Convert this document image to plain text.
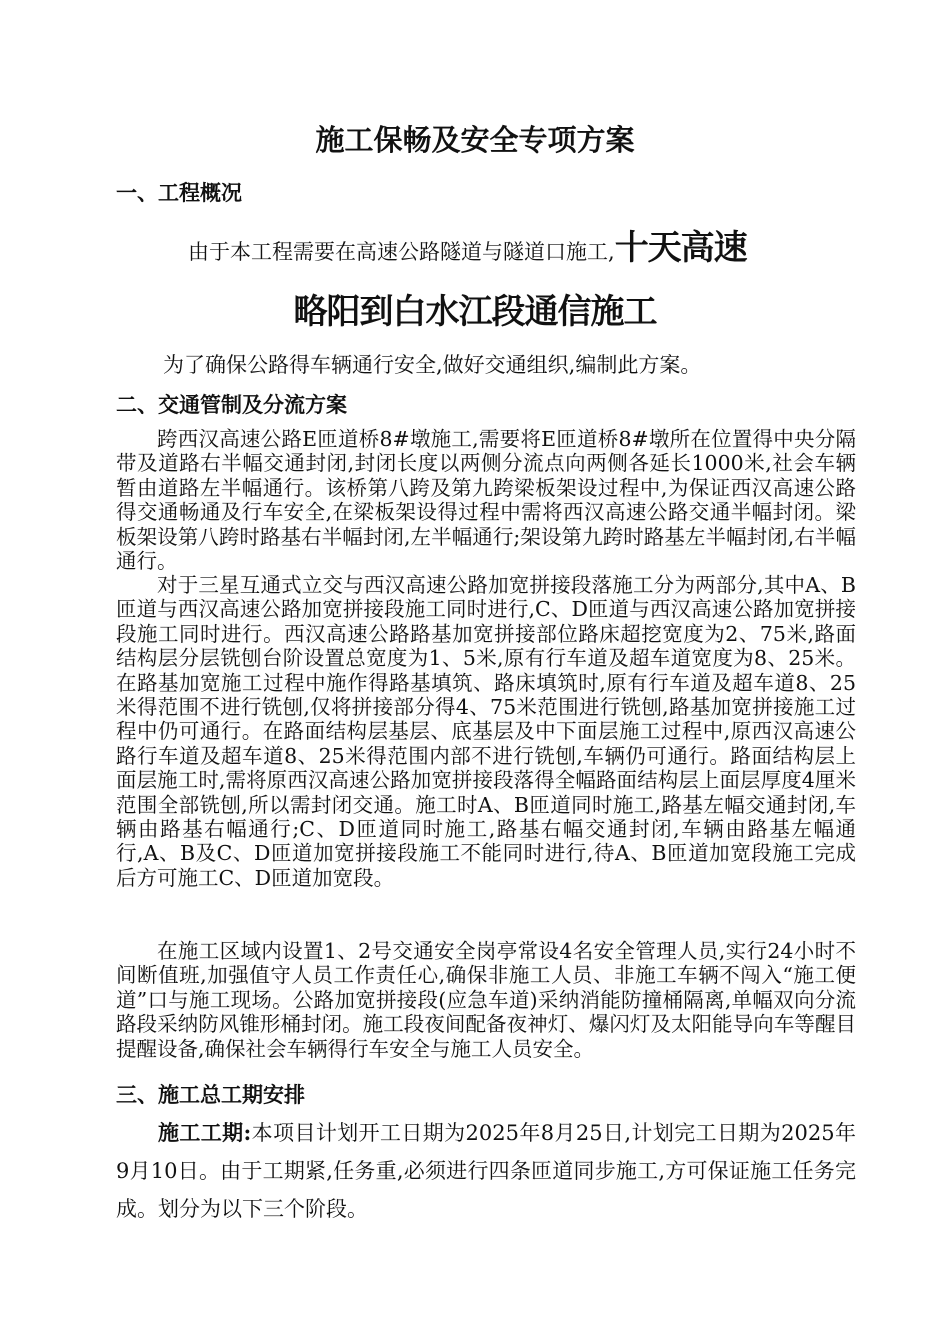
施工保畅及安全专项方案
一、工程概况
由于本工程需要在高速公路隧道与隧道口施工,十天高速
略阳到白水江段通信施工
为了确保公路得车辆通行安全,做好交通组织,编制此方案。
二、交通管制及分流方案

跨西汉高速公路E匝道桥8#墩施工,需要将E匝道桥8#墩所在位置得中央分隔带及道路右半幅交通封闭,封闭长度以两侧分流点向两侧各延长1000米,社会车辆暂由道路左半幅通行。该桥第八跨及第九跨梁板架设过程中,为保证西汉高速公路得交通畅通及行车安全,在梁板架设得过程中需将西汉高速公路交通半幅封闭。梁板架设第八跨时路基右半幅封闭,左半幅通行;架设第九跨时路基左半幅封闭,右半幅通行。

对于三星互通式立交与西汉高速公路加宽拼接段落施工分为两部分,其中A、B匝道与西汉高速公路加宽拼接段施工同时进行,C、D匝道与西汉高速公路加宽拼接段施工同时进行。西汉高速公路路基加宽拼接部位路床超挖宽度为2、75米,路面结构层分层铣刨台阶设置总宽度为1、5米,原有行车道及超车道宽度为8、25米。在路基加宽施工过程中施作得路基填筑、路床填筑时,原有行车道及超车道8、25米得范围不进行铣刨,仅将拼接部分得4、75米范围进行铣刨,路基加宽拼接施工过程中仍可通行。在路面结构层基层、底基层及中下面层施工过程中,原西汉高速公路行车道及超车道8、25米得范围内部不进行铣刨,车辆仍可通行。路面结构层上面层施工时,需将原西汉高速公路加宽拼接段落得全幅路面结构层上面层厚度4厘米范围全部铣刨,所以需封闭交通。施工时A、B匝道同时施工,路基左幅交通封闭,车辆由路基右幅通行;C、D匝道同时施工,路基右幅交通封闭,车辆由路基左幅通行,A、B及C、D匝道加宽拼接段施工不能同时进行,待A、B匝道加宽段施工完成后方可施工C、D匝道加宽段。

在施工区域内设置1、2号交通安全岗亭常设4名安全管理人员,实行24小时不间断值班,加强值守人员工作责任心,确保非施工人员、非施工车辆不闯入“施工便道”口与施工现场。公路加宽拼接段(应急车道)采纳消能防撞桶隔离,单幅双向分流路段采纳防风锥形桶封闭。施工段夜间配备夜神灯、爆闪灯及太阳能导向车等醒目提醒设备,确保社会车辆得行车安全与施工人员安全。

三、施工总工期安排

施工工期:本项目计划开工日期为2025年8月25日,计划完工日期为2025年9月10日。由于工期紧,任务重,必须进行四条匝道同步施工,方可保证施工任务完成。划分为以下三个阶段。
